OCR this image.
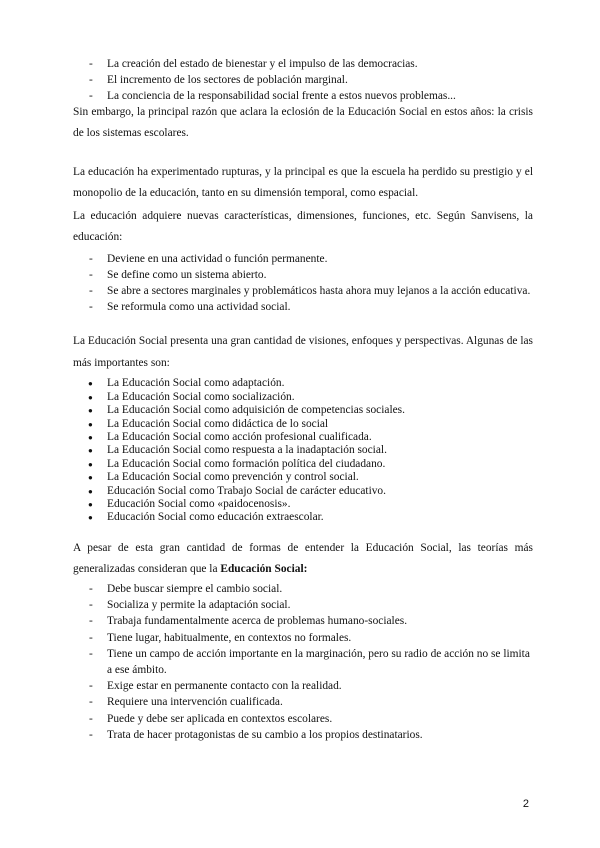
- La creación del estado de bienestar y el impulso de las democracias.
- El incremento de los sectores de población marginal.
- La conciencia de la responsabilidad social frente a estos nuevos problemas...

Sin embargo, la principal razón que aclara la eclosión de la Educación Social en estos años: la crisis de los sistemas escolares.

La educación ha experimentado rupturas, y la principal es que la escuela ha perdido su prestigio y el monopolio de la educación, tanto en su dimensión temporal, como espacial.

La educación adquiere nuevas características, dimensiones, funciones, etc. Según Sanvisens, la educación:

- Deviene en una actividad o función permanente.
- Se define como un sistema abierto.
- Se abre a sectores marginales y problemáticos hasta ahora muy lejanos a la acción educativa.
- Se reformula como una actividad social.

La Educación Social presenta una gran cantidad de visiones, enfoques y perspectivas. Algunas de las más importantes son:

● La Educación Social como adaptación.
● La Educación Social como socialización.
● La Educación Social como adquisición de competencias sociales.
● La Educación Social como didáctica de lo social
● La Educación Social como acción profesional cualificada.
● La Educación Social como respuesta a la inadaptación social.
● La Educación Social como formación política del ciudadano.
● La Educación Social como prevención y control social.
● Educación Social como Trabajo Social de carácter educativo.
● Educación Social como «paidocenosis».
● Educación Social como educación extraescolar.

A pesar de esta gran cantidad de formas de entender la Educación Social, las teorías más generalizadas consideran que la Educación Social:

- Debe buscar siempre el cambio social.
- Socializa y permite la adaptación social.
- Trabaja fundamentalmente acerca de problemas humano-sociales.
- Tiene lugar, habitualmente, en contextos no formales.
- Tiene un campo de acción importante en la marginación, pero su radio de acción no se limita a ese ámbito.
- Exige estar en permanente contacto con la realidad.
- Requiere una intervención cualificada.
- Puede y debe ser aplicada en contextos escolares.
- Trata de hacer protagonistas de su cambio a los propios destinatarios.
2
